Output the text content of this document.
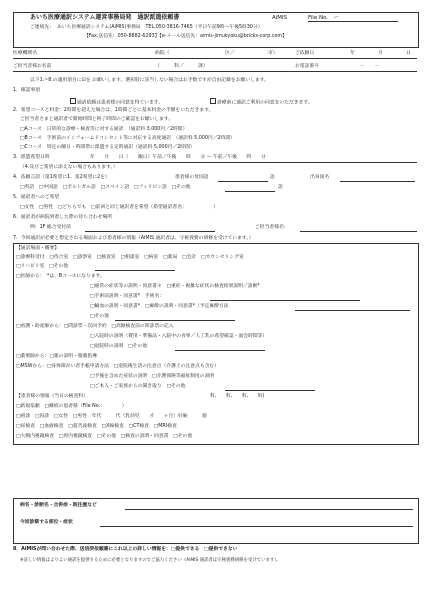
あいち医療通訳システム運営事務局発　通訳派遣依頼書	AiMIS	File No. ー
ご連絡先： あいち医療通訳システム(AiMIS)事務局　TEL:050-3816-7465（平日午前9時〜午後5時30分）
【Fax.送信先：050-8882-6293】【e-メール送信先：aimis-jimukyoku@bricks-corp.com】
医療機関名	病院（	区／	市）	ご依頼日	年	月	日
ご担当者様お名前	（　　　科／　　　課）	お電話番号	－　　－
以下1.~8.の適用項目に☑を お願いします。選択肢に該当しない場合はお手数ですが自由記載をお願いします。
1．確認事項
通訳依頼は患者様の同意を得ています。	診療前に通訳ご利用の同意をいただきます。
2．希望コースと料金：2時間を超えた場合は、1時間ごとに基本料金の半額をいただきます。
ご担当者さまと通訳者で開始時間と終了時間のご確認をお願いします。
□Aコース　日常的な診療・検査等に対する通訳　（通訳料 3,000円／2時間）
□Bコース　手術前のインフォームドコンセント等に対応する高度通訳　（通訳料 5,000円／2時間）
□Cコース　特定の曜日・時間帯に派遣する定時通訳（通訳料 5,000円／2時間）
3．派遣希望日時	年　　月　　日（　　曜日）午前／午後　　時　　分 〜 午前／午後　　時　　分
（4.及びご希望に添えない場合もあります。）
4．依頼言語（第1希望に1、第2希望に2を）	患者様の母国語	語	出身国名
□英語　□中国語　□ポルトガル語　□スペイン語　□フィリピン語　□その他	語
5．通訳者へのご希望
□女性　□男性　□どちらでも　□前回と同じ通訳者を希望（希望通訳者名：　　　　　　）
6．通訳者が病院到着した際の待ち合わせ場所
例：1F 総合受付前	ご担当者様名：
7．今回通訳が必要と想定される場面および患者様の情報（AiMIS 通訳者は、守秘義務の研修を受けています。）
【通訳場面・概要】
□診療科受付　□待合室　□診察室　□検査室　□相談室　□病室　□薬局　□会計　□カウンセリング室
□リハビリ室　□その他
□医師から：　*は、Bコースになります。
□通常の症状等の説明・同意書＊　□重症・複雑な症状の検査結果説明／診断*
□手術前説明・同意書*　手術名：
□輸血の説明・同意書*　□麻酔の説明・同意書*（予定麻酔方法
□その他
□看護・助産師から：□問診票・次回予約　□高額検査前の問診票の記入
□入院時の説明（費用・準備品・入院中の食事／人工乳の希望確認・面会時間等）
□退院時の説明　□その他
□薬剤師から：□薬の説明・服薬指導
□MSWから：□身体障がい者手帳申請方法　□退院後生活の注意点（介護上の注意点も含む）
□予後を含めた症状の説明　□介護保険等福祉制度の説明
□ご本人・ご家族からの聞き取り　□その他
【患者様の情報（当日の検査科）	科,　　科,　　科,　　科)
□新規依頼　□継続の患者様（File No.：　　　　）
□初診　□再診　□女性　□男性　年代　　　代（乳幼児　　才　　ヶ月）妊娠　　　週
□尿検査　□血液検査　□超音波検査　□X線検査　□CT検査　□MRI検査
□大腸内視鏡検査　□胃内視鏡検査　□その他　□検査の説明・同意書　□その他
病名・診断名・合併症・既往歴など
今回診察する部位・症状
8．AiMISが問い合わせた際、送信済依頼書にこれ以上の詳しい情報を：□提供できる　□提供できない
※詳しい情報はよりよい通訳を提供するために必要となりますのでご協力ください（AiMIS 通訳者は守秘義務研修を受けています）。
